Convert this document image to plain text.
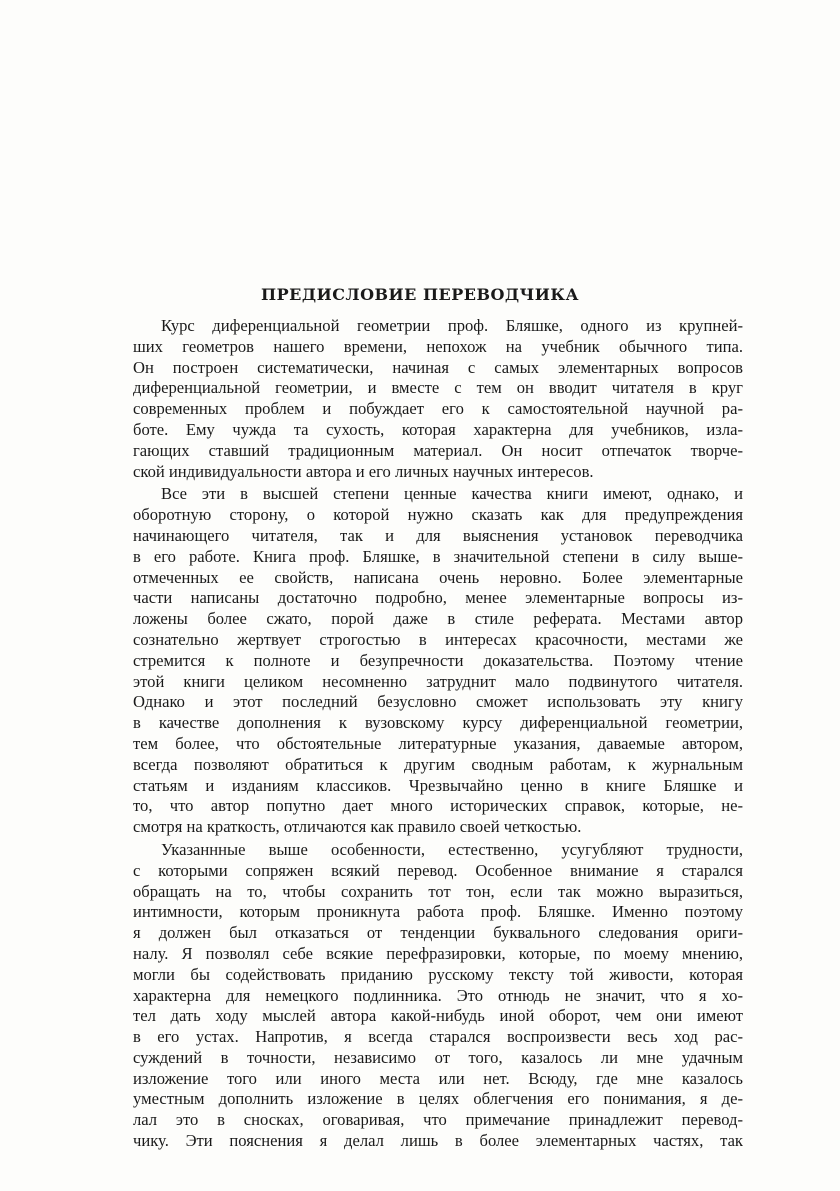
ПРЕДИСЛОВИЕ ПЕРЕВОДЧИКА
Курс диференциальной геометрии проф. Бляшке, одного из крупней-
ших геометров нашего времени, непохож на учебник обычного типа.
Он построен систематически, начиная с самых элементарных вопросов
диференциальной геометрии, и вместе с тем он вводит читателя в круг
современных проблем и побуждает его к самостоятельной научной ра-
боте. Ему чужда та сухость, которая характерна для учебников, изла-
гающих ставший традиционным материал. Он носит отпечаток творче-
ской индивидуальности автора и его личных научных интересов.
Все эти в высшей степени ценные качества книги имеют, однако, и
оборотную сторону, о которой нужно сказать как для предупреждения
начинающего читателя, так и для выяснения установок переводчика
в его работе. Книга проф. Бляшке, в значительной степени в силу выше-
отмеченных ее свойств, написана очень неровно. Более элементарные
части написаны достаточно подробно, менее элементарные вопросы из-
ложены более сжато, порой даже в стиле реферата. Местами автор
сознательно жертвует строгостью в интересах красочности, местами же
стремится к полноте и безупречности доказательства. Поэтому чтение
этой книги целиком несомненно затруднит мало подвинутого читателя.
Однако и этот последний безусловно сможет использовать эту книгу
в качестве дополнения к вузовскому курсу диференциальной геометрии,
тем более, что обстоятельные литературные указания, даваемые автором,
всегда позволяют обратиться к другим сводным работам, к журнальным
статьям и изданиям классиков. Чрезвычайно ценно в книге Бляшке и
то, что автор попутно дает много исторических справок, которые, не-
смотря на краткость, отличаются как правило своей четкостью.
Указаннные выше особенности, естественно, усугубляют трудности,
с которыми сопряжен всякий перевод. Особенное внимание я старался
обращать на то, чтобы сохранить тот тон, если так можно выразиться,
интимности, которым проникнута работа проф. Бляшке. Именно поэтому
я должен был отказаться от тенденции буквального следования ориги-
налу. Я позволял себе всякие перефразировки, которые, по моему мнению,
могли бы содействовать приданию русскому тексту той живости, которая
характерна для немецкого подлинника. Это отнюдь не значит, что я хо-
тел дать ходу мыслей автора какой-нибудь иной оборот, чем они имеют
в его устах. Напротив, я всегда старался воспроизвести весь ход рас-
суждений в точности, независимо от того, казалось ли мне удачным
изложение того или иного места или нет. Всюду, где мне казалось
уместным дополнить изложение в целях облегчения его понимания, я де-
лал это в сносках, оговаривая, что примечание принадлежит перевод-
чику. Эти пояснения я делал лишь в более элементарных частях, так
